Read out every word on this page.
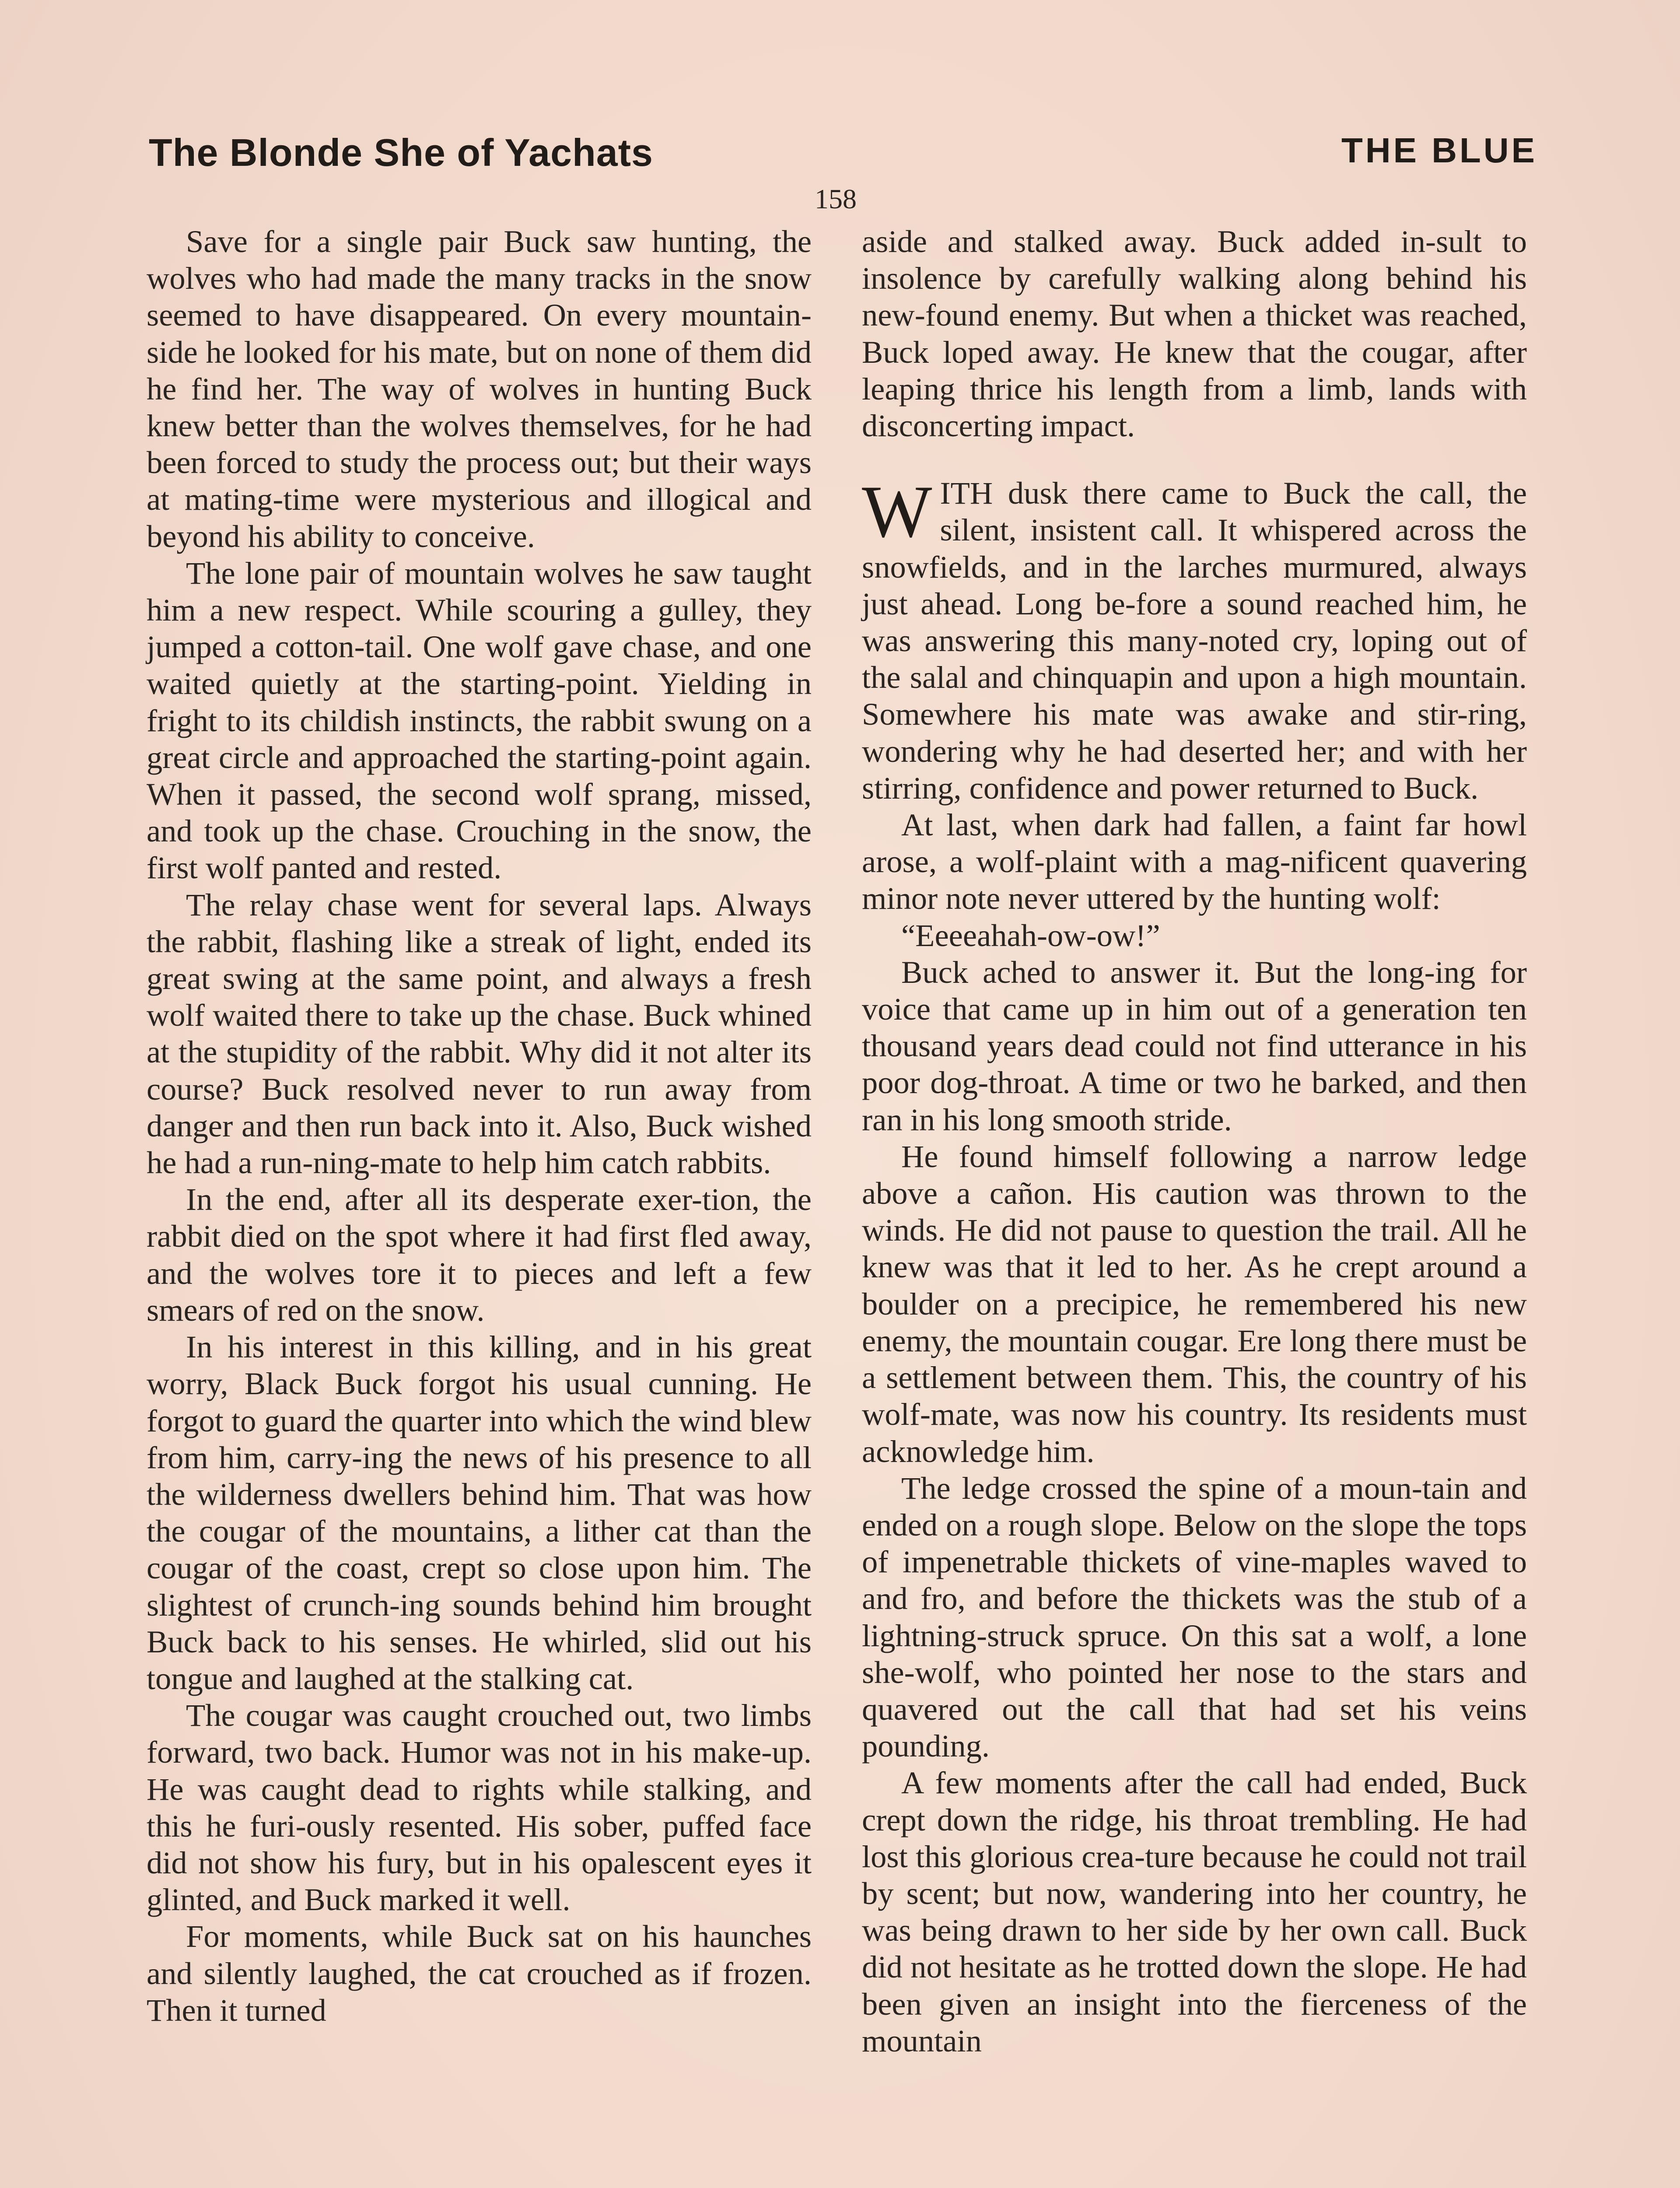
The Blonde She of Yachats	THE BLUE
158

Save for a single pair Buck saw hunting, the wolves who had made the many tracks in the snow seemed to have disappeared. On every mountain-side he looked for his mate, but on none of them did he find her. The way of wolves in hunting Buck knew better than the wolves themselves, for he had been forced to study the process out; but their ways at mating-time were mysterious and illogical and beyond his ability to conceive.

The lone pair of mountain wolves he saw taught him a new respect. While scouring a gulley, they jumped a cotton-tail. One wolf gave chase, and one waited quietly at the starting-point. Yielding in fright to its childish instincts, the rabbit swung on a great circle and approached the starting-point again. When it passed, the second wolf sprang, missed, and took up the chase. Crouching in the snow, the first wolf panted and rested.

The relay chase went for several laps. Always the rabbit, flashing like a streak of light, ended its great swing at the same point, and always a fresh wolf waited there to take up the chase. Buck whined at the stupidity of the rabbit. Why did it not alter its course? Buck resolved never to run away from danger and then run back into it. Also, Buck wished he had a run-ning-mate to help him catch rabbits.

In the end, after all its desperate exer-tion, the rabbit died on the spot where it had first fled away, and the wolves tore it to pieces and left a few smears of red on the snow.

In his interest in this killing, and in his great worry, Black Buck forgot his usual cunning. He forgot to guard the quarter into which the wind blew from him, carry-ing the news of his presence to all the wilderness dwellers behind him. That was how the cougar of the mountains, a lither cat than the cougar of the coast, crept so close upon him. The slightest of crunch-ing sounds behind him brought Buck back to his senses. He whirled, slid out his tongue and laughed at the stalking cat.

The cougar was caught crouched out, two limbs forward, two back. Humor was not in his make-up. He was caught dead to rights while stalking, and this he furi-ously resented. His sober, puffed face did not show his fury, but in his opalescent eyes it glinted, and Buck marked it well.

For moments, while Buck sat on his haunches and silently laughed, the cat crouched as if frozen. Then it turned

aside and stalked away. Buck added in-sult to insolence by carefully walking along behind his new-found enemy. But when a thicket was reached, Buck loped away. He knew that the cougar, after leaping thrice his length from a limb, lands with disconcerting impact.

WITH dusk there came to Buck the call, the silent, insistent call. It whispered across the snowfields, and in the larches murmured, always just ahead. Long be-fore a sound reached him, he was answering this many-noted cry, loping out of the salal and chinquapin and upon a high mountain. Somewhere his mate was awake and stir-ring, wondering why he had deserted her; and with her stirring, confidence and power returned to Buck.

At last, when dark had fallen, a faint far howl arose, a wolf-plaint with a mag-nificent quavering minor note never uttered by the hunting wolf:

“Eeeeahah-ow-ow!”

Buck ached to answer it. But the long-ing for voice that came up in him out of a generation ten thousand years dead could not find utterance in his poor dog-throat. A time or two he barked, and then ran in his long smooth stride.

He found himself following a narrow ledge above a cañon. His caution was thrown to the winds. He did not pause to question the trail. All he knew was that it led to her. As he crept around a boulder on a precipice, he remembered his new enemy, the mountain cougar. Ere long there must be a settlement between them. This, the country of his wolf-mate, was now his country. Its residents must acknowledge him.

The ledge crossed the spine of a moun-tain and ended on a rough slope. Below on the slope the tops of impenetrable thickets of vine-maples waved to and fro, and before the thickets was the stub of a lightning-struck spruce. On this sat a wolf, a lone she-wolf, who pointed her nose to the stars and quavered out the call that had set his veins pounding.

A few moments after the call had ended, Buck crept down the ridge, his throat trembling. He had lost this glorious crea-ture because he could not trail by scent; but now, wandering into her country, he was being drawn to her side by her own call. Buck did not hesitate as he trotted down the slope. He had been given an insight into the fierceness of the mountain
